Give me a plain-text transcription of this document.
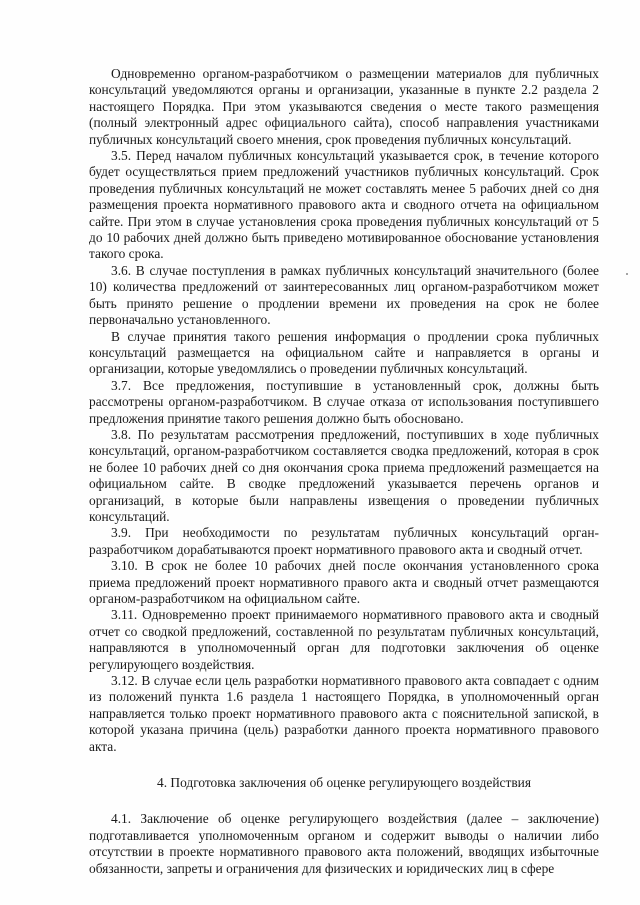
Одновременно органом-разработчиком о размещении материалов для публичных консультаций уведомляются органы и организации, указанные в пункте 2.2 раздела 2 настоящего Порядка. При этом указываются сведения о месте такого размещения (полный электронный адрес официального сайта), способ направления участниками публичных консультаций своего мнения, срок проведения публичных консультаций.

3.5. Перед началом публичных консультаций указывается срок, в течение которого будет осуществляться прием предложений участников публичных консультаций. Срок проведения публичных консультаций не может составлять менее 5 рабочих дней со дня размещения проекта нормативного правового акта и сводного отчета на официальном сайте. При этом в случае установления срока проведения публичных консультаций от 5 до 10 рабочих дней должно быть приведено мотивированное обоснование установления такого срока.

3.6. В случае поступления в рамках публичных консультаций значительного (более 10) количества предложений от заинтересованных лиц органом-разработчиком может быть принято решение о продлении времени их проведения на срок не более первоначально установленного.

В случае принятия такого решения информация о продлении срока публичных консультаций размещается на официальном сайте и направляется в органы и организации, которые уведомлялись о проведении публичных консультаций.

3.7. Все предложения, поступившие в установленный срок, должны быть рассмотрены органом-разработчиком. В случае отказа от использования поступившего предложения принятие такого решения должно быть обосновано.

3.8. По результатам рассмотрения предложений, поступивших в ходе публичных консультаций, органом-разработчиком составляется сводка предложений, которая в срок не более 10 рабочих дней со дня окончания срока приема предложений размещается на официальном сайте. В сводке предложений указывается перечень органов и организаций, в которые были направлены извещения о проведении публичных консультаций.

3.9. При необходимости по результатам публичных консультаций орган-разработчиком дорабатываются проект нормативного правового акта и сводный отчет.

3.10. В срок не более 10 рабочих дней после окончания установленного срока приема предложений проект нормативного правого акта и сводный отчет размещаются органом-разработчиком на официальном сайте.

3.11. Одновременно проект принимаемого нормативного правового акта и сводный отчет со сводкой предложений, составленной по результатам публичных консультаций, направляются в уполномоченный орган для подготовки заключения об оценке регулирующего воздействия.

3.12. В случае если цель разработки нормативного правового акта совпадает с одним из положений пункта 1.6 раздела 1 настоящего Порядка, в уполномоченный орган направляется только проект нормативного правового акта с пояснительной запиской, в которой указана причина (цель) разработки данного проекта нормативного правового акта.

4. Подготовка заключения об оценке регулирующего воздействия

4.1. Заключение об оценке регулирующего воздействия (далее – заключение) подготавливается уполномоченным органом и содержит выводы о наличии либо отсутствии в проекте нормативного правового акта положений, вводящих избыточные обязанности, запреты и ограничения для физических и юридических лиц в сфере
